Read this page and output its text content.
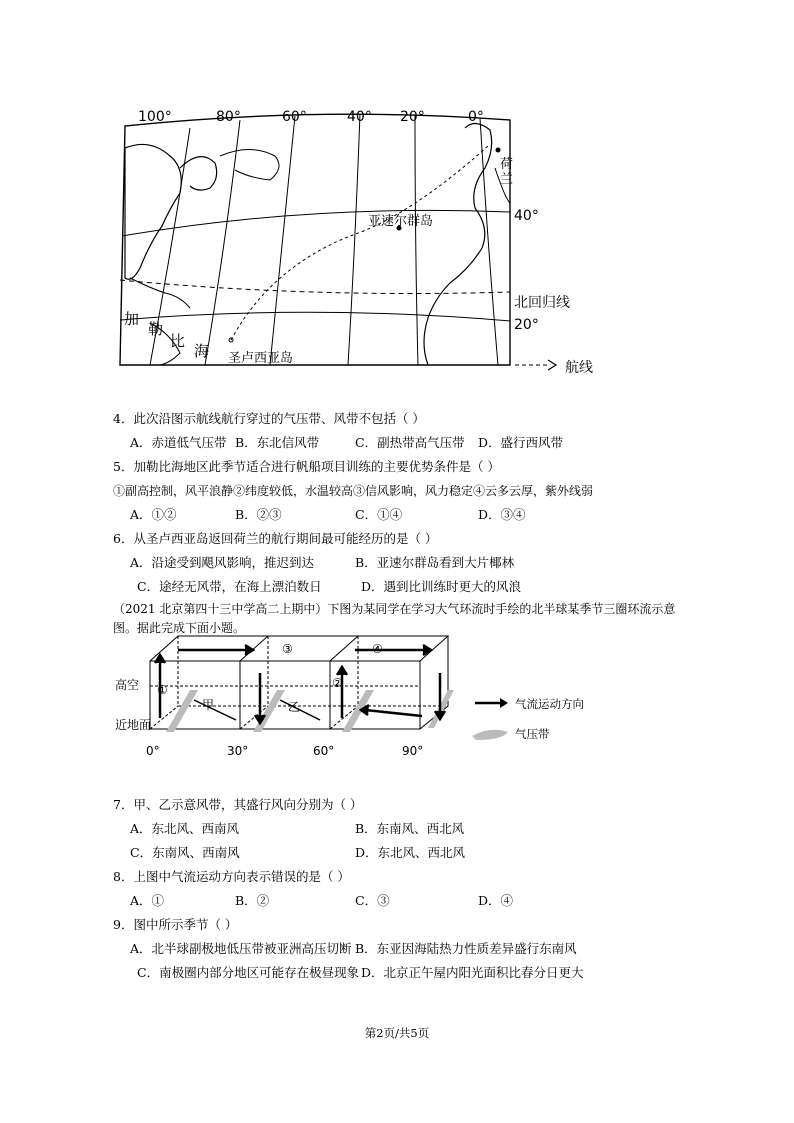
100°	80°	60°	40° 20°	0°
40°
20°
北回归线
亚速尔群岛
荷
兰
加
勒
比
海 圣卢西亚岛
航线
4．此次沿图示航线航行穿过的气压带、风带不包括（ ）
A．赤道低气压带 B．东北信风带	C．副热带高气压带 D．盛行西风带
5．加勒比海地区此季节适合进行帆船项目训练的主要优势条件是（ ）
①副高控制，风平浪静②纬度较低，水温较高③信风影响，风力稳定④云多云厚，紫外线弱
A．①②	B．②③	C．①④	D．③④
6．从圣卢西亚岛返回荷兰的航行期间最可能经历的是（ ）
A．沿途受到飓风影响，推迟到达	B．亚速尔群岛看到大片椰林
C．途经无风带，在海上漂泊数日	D．遇到比训练时更大的风浪
（2021 北京第四十三中学高二上期中）下图为某同学在学习大气环流时手绘的北半球某季节三圈环流示意图。据此完成下面小题。
高空
近地面
①	②
③	④
甲	乙
0°	30°	60°	90°
气流运动方向
气压带
7．甲、乙示意风带，其盛行风向分别为（ ）
A．东北风、西南风	B．东南风、西北风
C．东南风、西南风	D．东北风、西北风
8．上图中气流运动方向表示错误的是（ ）
A．①	B．②	C．③	D．④
9．图中所示季节（ ）
A．北半球副极地低压带被亚洲高压切断 B．东亚因海陆热力性质差异盛行东南风
C．南极圈内部分地区可能存在极昼现象 D．北京正午屋内阳光面积比春分日更大
第2页/共5页
